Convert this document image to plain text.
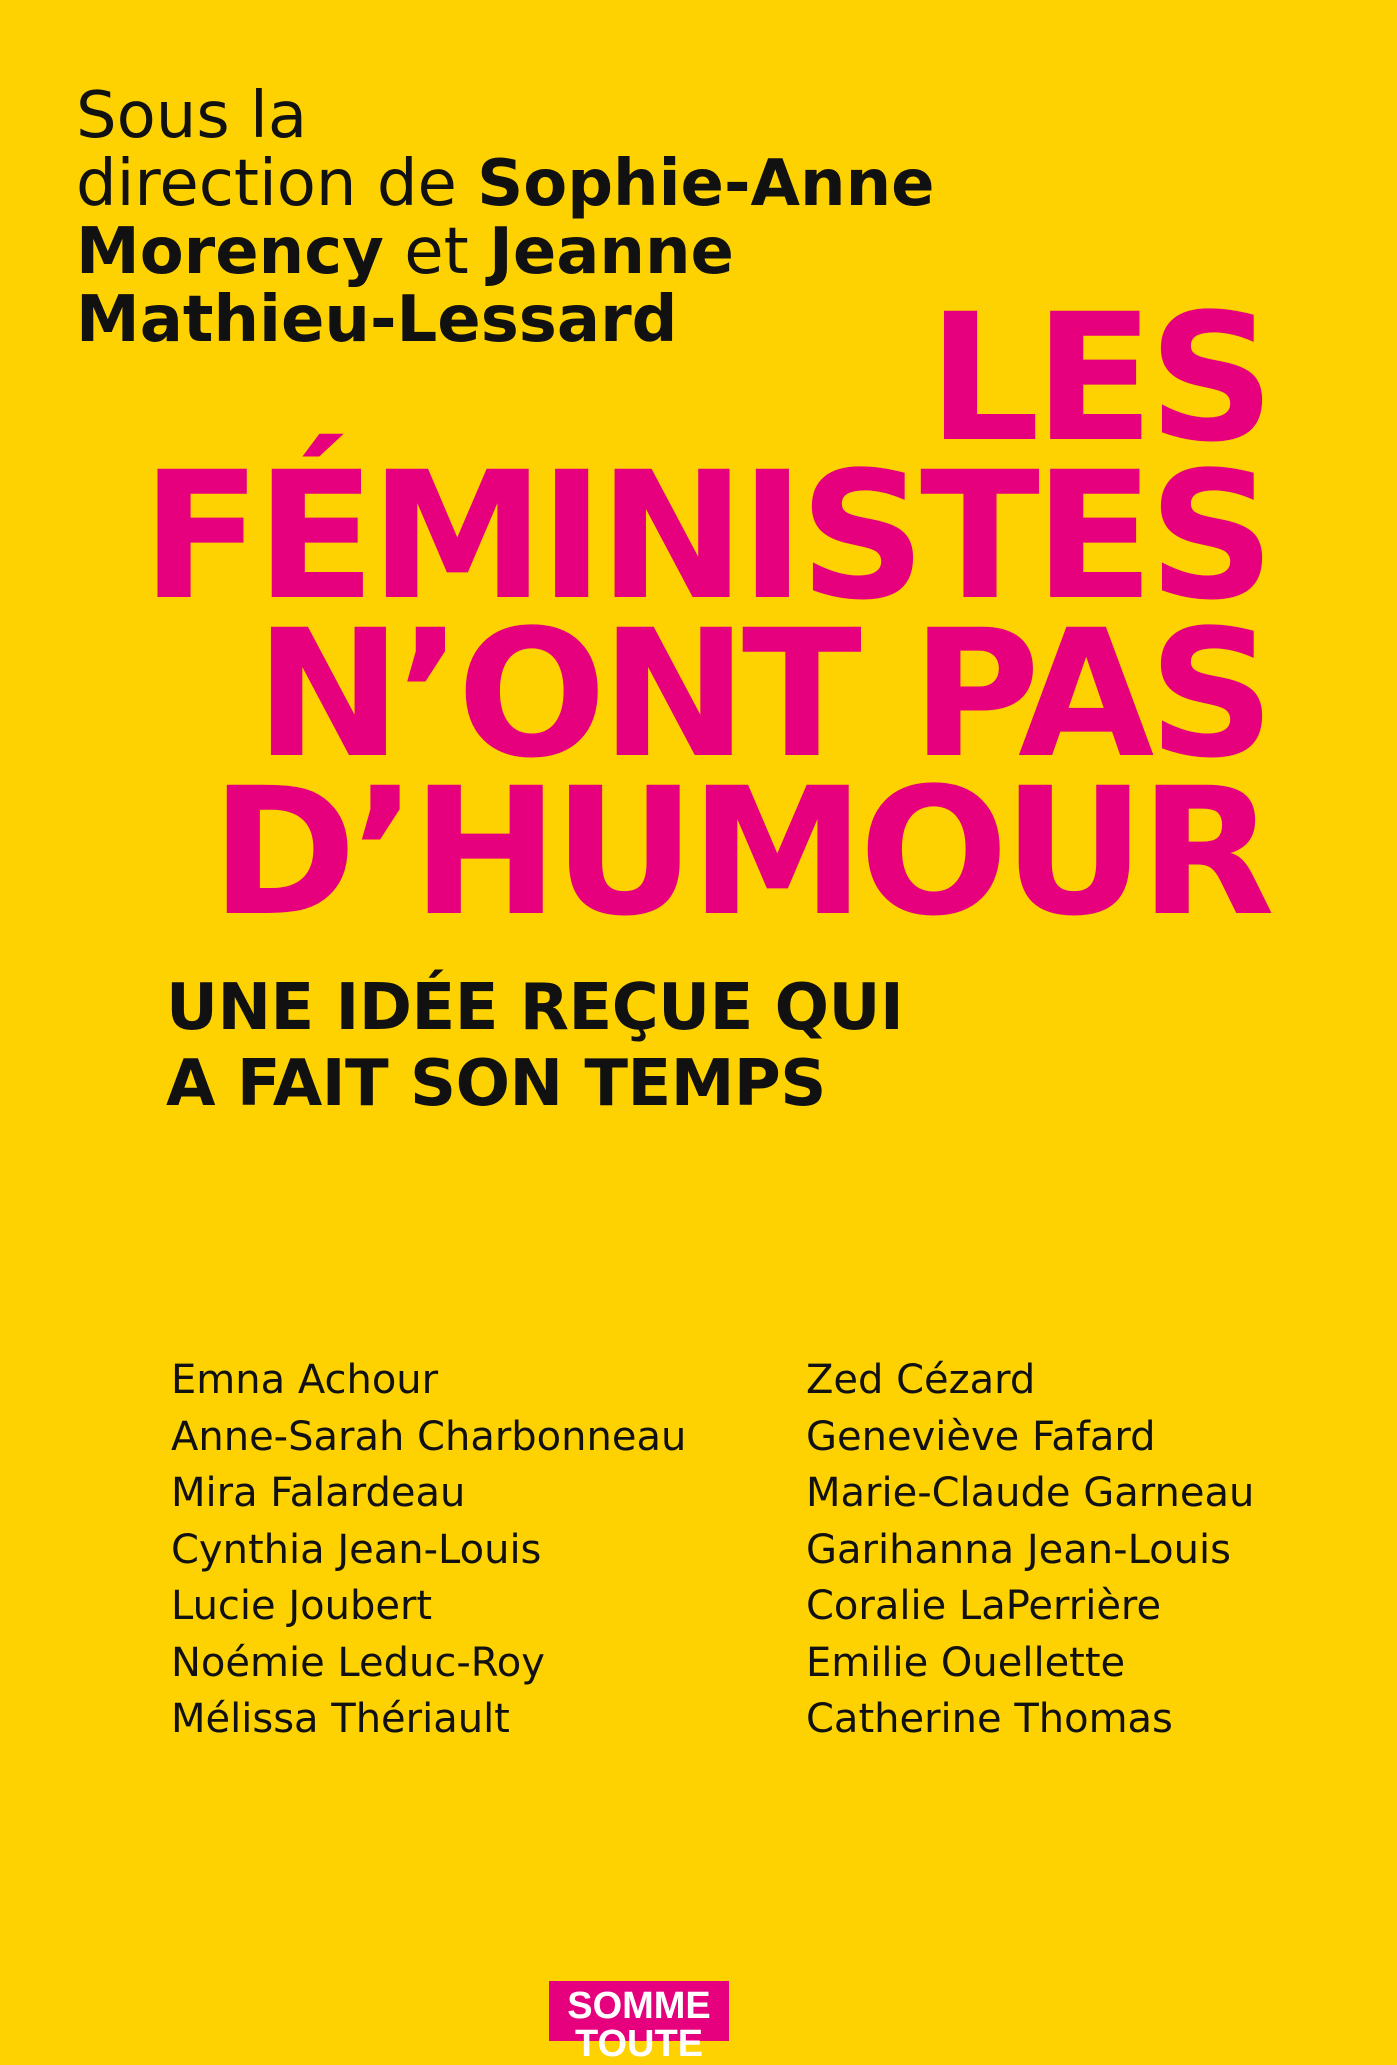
Sous la
direction de Sophie-Anne
Morency et Jeanne
Mathieu-Lessard	LES
FÉMINISTES
N’ONT PAS
D’HUMOUR
UNE IDÉE REÇUE QUI
A FAIT SON TEMPS
Emna Achour
Anne-Sarah Charbonneau
Mira Falardeau
Cynthia Jean-Louis
Lucie Joubert
Noémie Leduc-Roy
Mélissa Thériault
Zed Cézard
Geneviève Fafard
Marie-Claude Garneau
Garihanna Jean-Louis
Coralie LaPerrière
Emilie Ouellette
Catherine Thomas
SOMME
TOUTE
